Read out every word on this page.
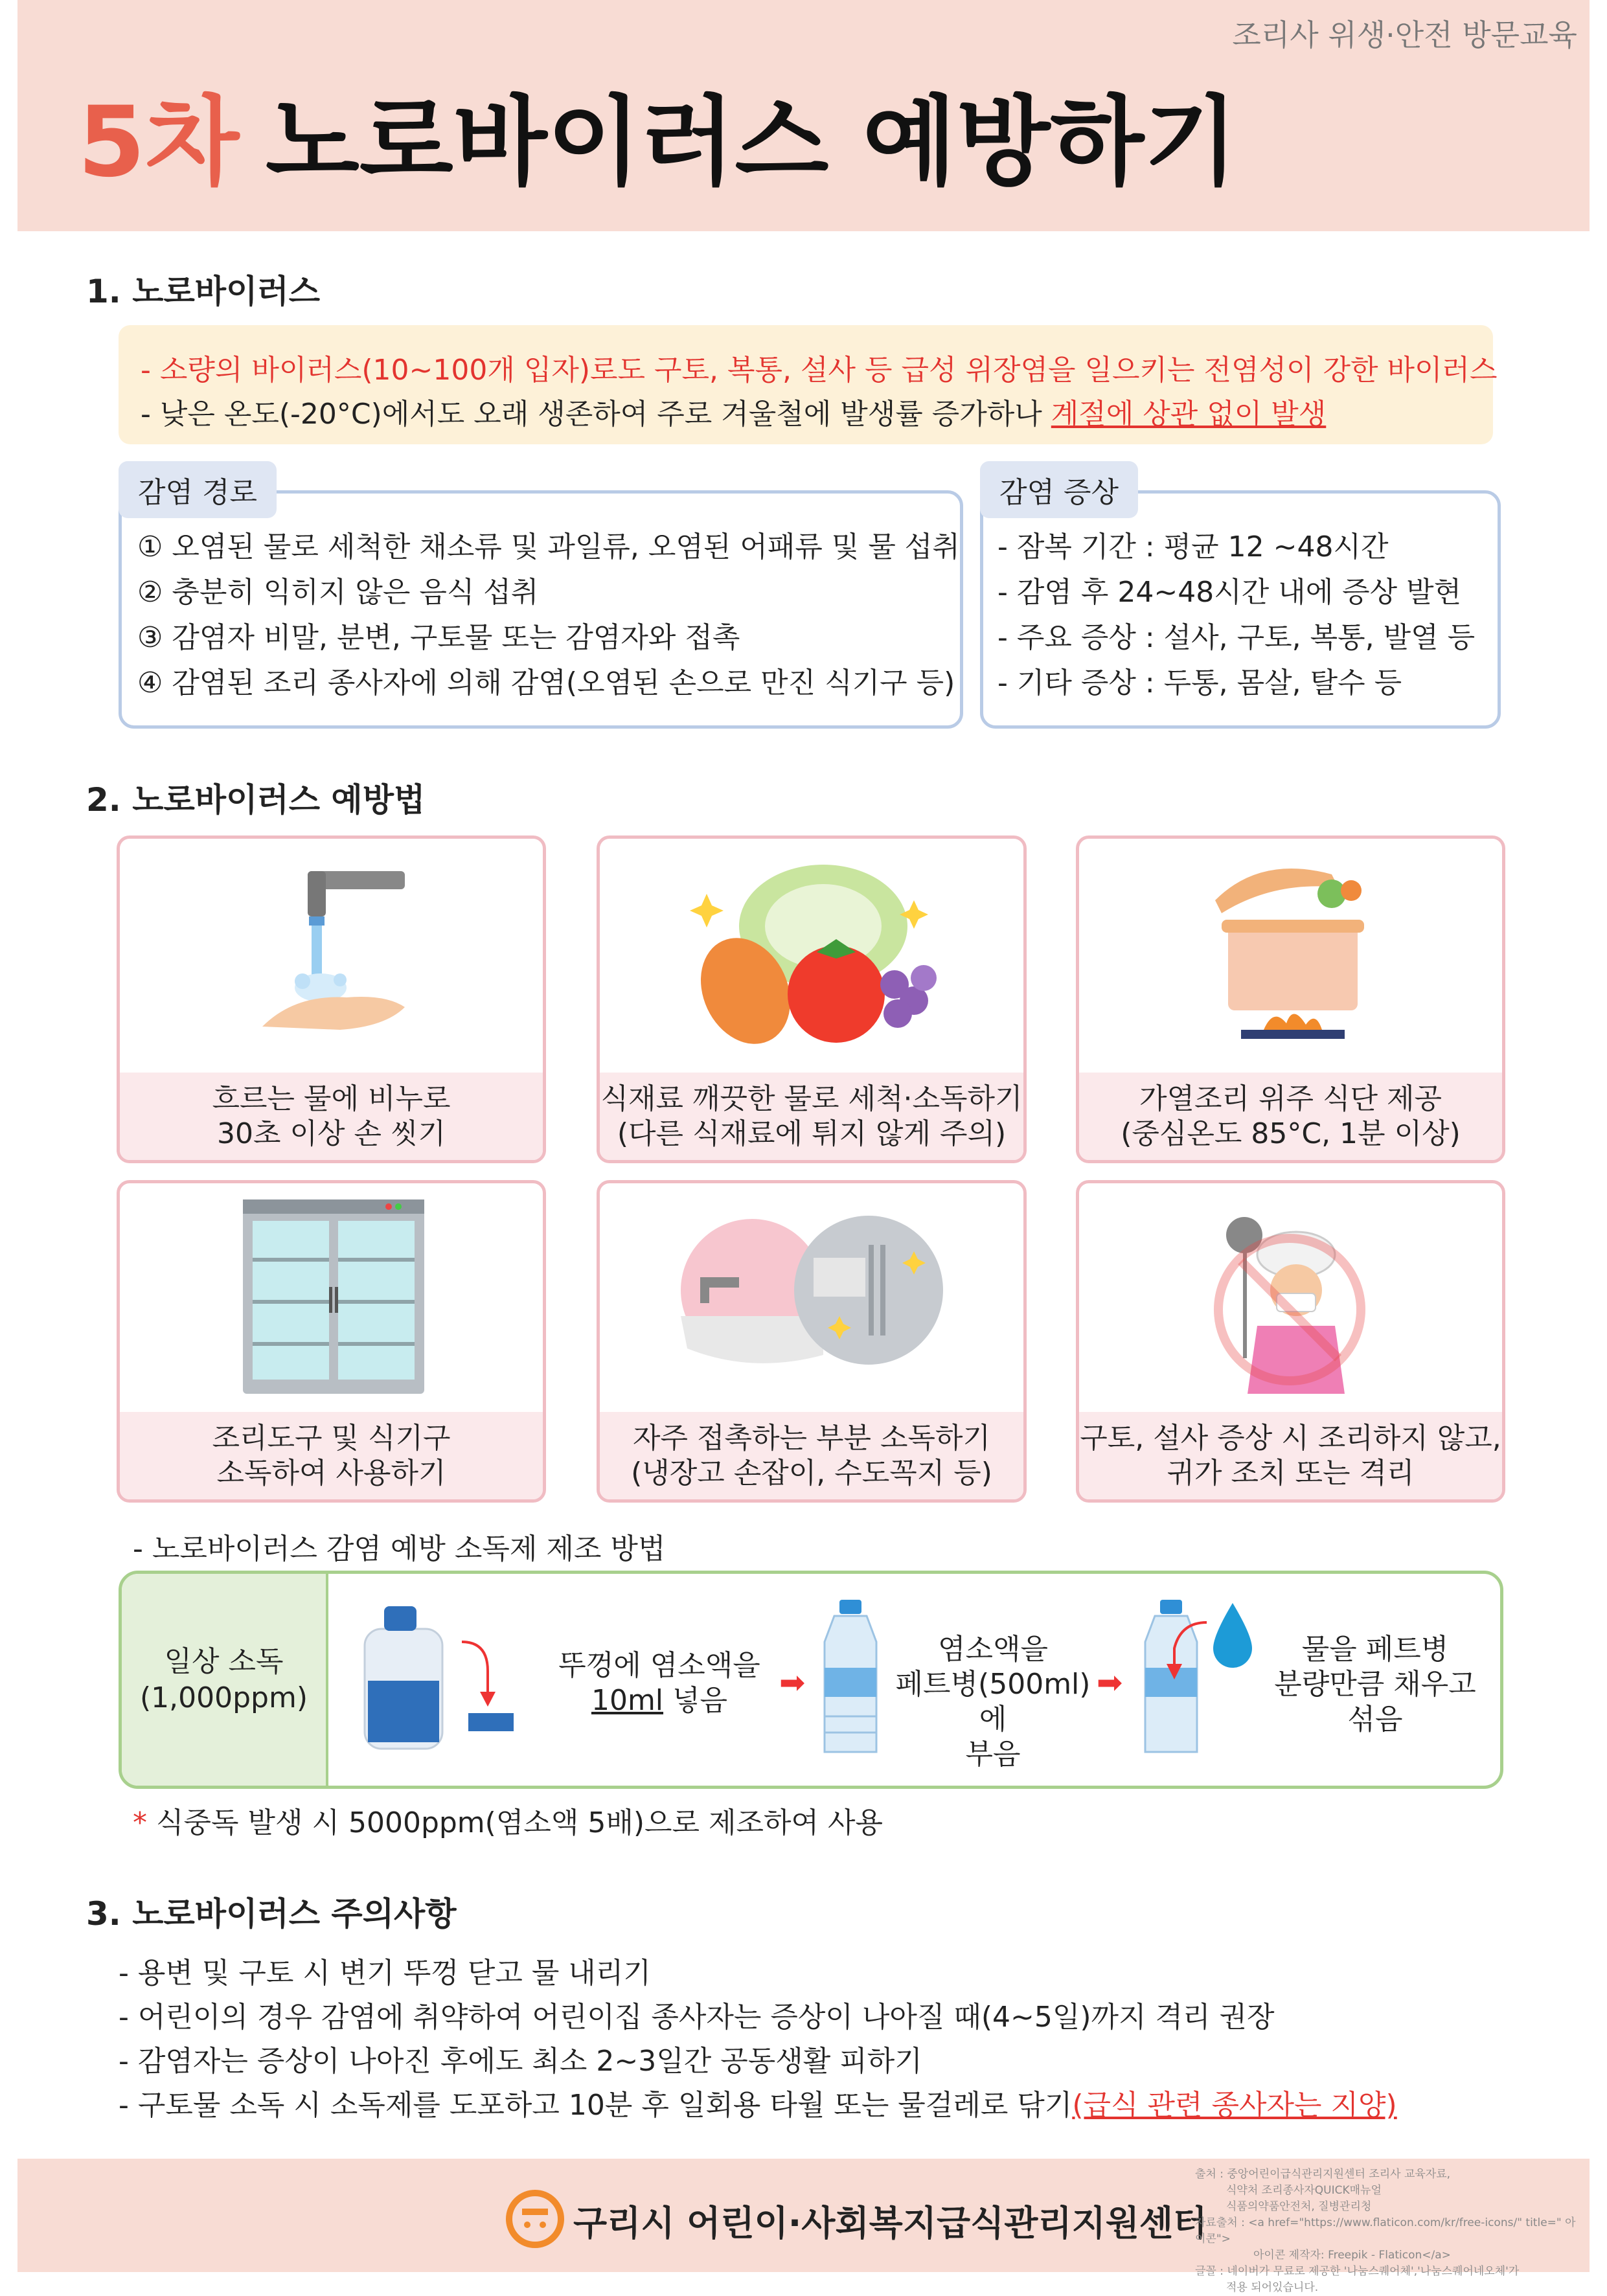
조리사 위생·안전 방문교육
5차 노로바이러스 예방하기
1. 노로바이러스
- 소량의 바이러스(10~100개 입자)로도 구토, 복통, 설사 등 급성 위장염을 일으키는 전염성이 강한 바이러스
- 낮은 온도(-20°C)에서도 오래 생존하여 주로 겨울철에 발생률 증가하나 계절에 상관 없이 발생
감염 경로
① 오염된 물로 세척한 채소류 및 과일류, 오염된 어패류 및 물 섭취
② 충분히 익히지 않은 음식 섭취
③ 감염자 비말, 분변, 구토물 또는 감염자와 접촉
④ 감염된 조리 종사자에 의해 감염(오염된 손으로 만진 식기구 등)
감염 증상
- 잠복 기간 : 평균 12 ~48시간
- 감염 후 24~48시간 내에 증상 발현
- 주요 증상 : 설사, 구토, 복통, 발열 등
- 기타 증상 : 두통, 몸살, 탈수 등
2. 노로바이러스 예방법
흐르는 물에 비누로
30초 이상 손 씻기
식재료 깨끗한 물로 세척·소독하기
(다른 식재료에 튀지 않게 주의)
가열조리 위주 식단 제공
(중심온도 85°C, 1분 이상)
조리도구 및 식기구
소독하여 사용하기
자주 접촉하는 부분 소독하기
(냉장고 손잡이, 수도꼭지 등)
구토, 설사 증상 시 조리하지 않고,
귀가 조치 또는 격리
- 노로바이러스 감염 예방 소독제 제조 방법
일상 소독
(1,000ppm)
뚜껑에 염소액을
10ml 넣음	➡
염소액을
페트병(500ml)에
부음
➡
물을 페트병
분량만큼 채우고
섞음
* 식중독 발생 시 5000ppm(염소액 5배)으로 제조하여 사용
3. 노로바이러스 주의사항
- 용변 및 구토 시 변기 뚜껑 닫고 물 내리기
- 어린이의 경우 감염에 취약하여 어린이집 종사자는 증상이 나아질 때(4~5일)까지 격리 권장
- 감염자는 증상이 나아진 후에도 최소 2~3일간 공동생활 피하기
- 구토물 소독 시 소독제를 도포하고 10분 후 일회용 타월 또는 물걸레로 닦기(급식 관련 종사자는 지양)
구리시 어린이·사회복지급식관리지원센터
출처 : 중앙어린이급식관리지원센터 조리사 교육자료,
식약처 조리종사자QUICK매뉴얼
식품의약품안전처, 질병관리청
자료출처 : <a href="https://www.flaticon.com/kr/free-icons/" title=" 아이콘">
아이콘 제작자: Freepik - Flaticon</a>
글꼴 : 네이버가 무료로 제공한 '나눔스퀘어체','나눔스퀘어네오체'가
적용 되어있습니다.
